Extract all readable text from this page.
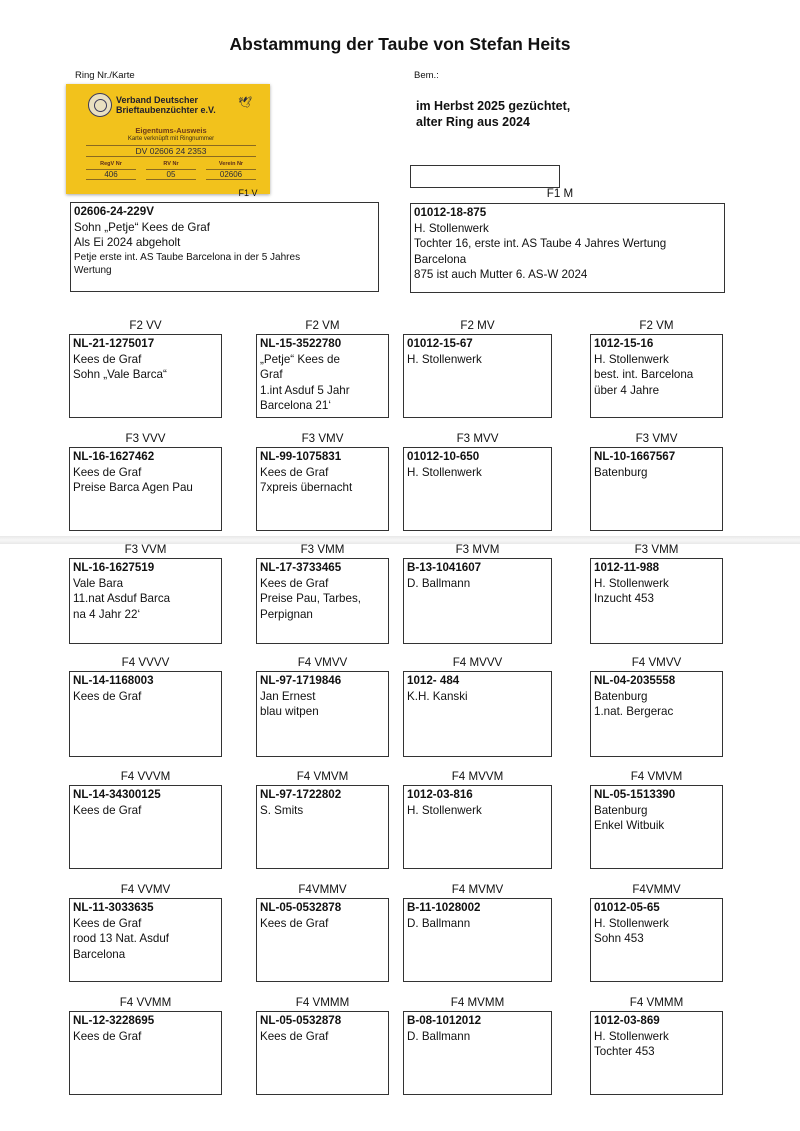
Abstammung der Taube von Stefan Heits
Ring Nr./Karte	Bem.:
im Herbst 2025 gezüchtet,
alter Ring aus 2024
Verband Deutscher
Brieftaubenzüchter e.V.
🕊
Eigentums-Ausweis
Karte verknüpft mit Ringnummer
DV 02606 24 2353
RegV Nr
406
RV Nr
05
Verein Nr
02606
F1 V
02606-24-229V
Sohn „Petje“ Kees de Graf
Als Ei 2024 abgeholt
Petje erste int. AS Taube Barcelona in der 5 Jahres
Wertung
F1 M
01012-18-875
H. Stollenwerk
Tochter 16, erste int. AS Taube 4 Jahres Wertung
Barcelona
875 ist auch Mutter 6. AS-W 2024
F2 VV
NL-21-1275017
Kees de Graf
Sohn „Vale Barca“
F2 VM
NL-15-3522780
„Petje“ Kees de
Graf
1.int Asduf 5 Jahr
Barcelona 21‘
F2 MV
01012-15-67
H. Stollenwerk
F2 VM
1012-15-16
H. Stollenwerk
best. int. Barcelona
über 4 Jahre
F3 VVV
NL-16-1627462
Kees de Graf
Preise Barca Agen Pau
F3 VMV
NL-99-1075831
Kees de Graf
7xpreis übernacht
F3 MVV
01012-10-650
H. Stollenwerk
F3 VMV
NL-10-1667567
Batenburg
F3 VVM
NL-16-1627519
Vale Bara
11.nat Asduf Barca
na 4 Jahr 22‘
F3 VMM
NL-17-3733465
Kees de Graf
Preise Pau, Tarbes,
Perpignan
F3 MVM
B-13-1041607
D. Ballmann
F3 VMM
1012-11-988
H. Stollenwerk
Inzucht 453
F4 VVVV
NL-14-1168003
Kees de Graf
F4 VMVV
NL-97-1719846
Jan Ernest
blau witpen
F4 MVVV
1012- 484
K.H. Kanski
F4 VMVV
NL-04-2035558
Batenburg
1.nat. Bergerac
F4 VVVM
NL-14-34300125
Kees de Graf
F4 VMVM
NL-97-1722802
S. Smits
F4 MVVM
1012-03-816
H. Stollenwerk
F4 VMVM
NL-05-1513390
Batenburg
Enkel Witbuik
F4 VVMV
NL-11-3033635
Kees de Graf
rood 13 Nat. Asduf
Barcelona
F4VMMV
NL-05-0532878
Kees de Graf
F4 MVMV
B-11-1028002
D. Ballmann
F4VMMV
01012-05-65
H. Stollenwerk
Sohn 453
F4 VVMM
NL-12-3228695
Kees de Graf
F4 VMMM
NL-05-0532878
Kees de Graf
F4 MVMM
B-08-1012012
D. Ballmann
F4 VMMM
1012-03-869
H. Stollenwerk
Tochter 453
